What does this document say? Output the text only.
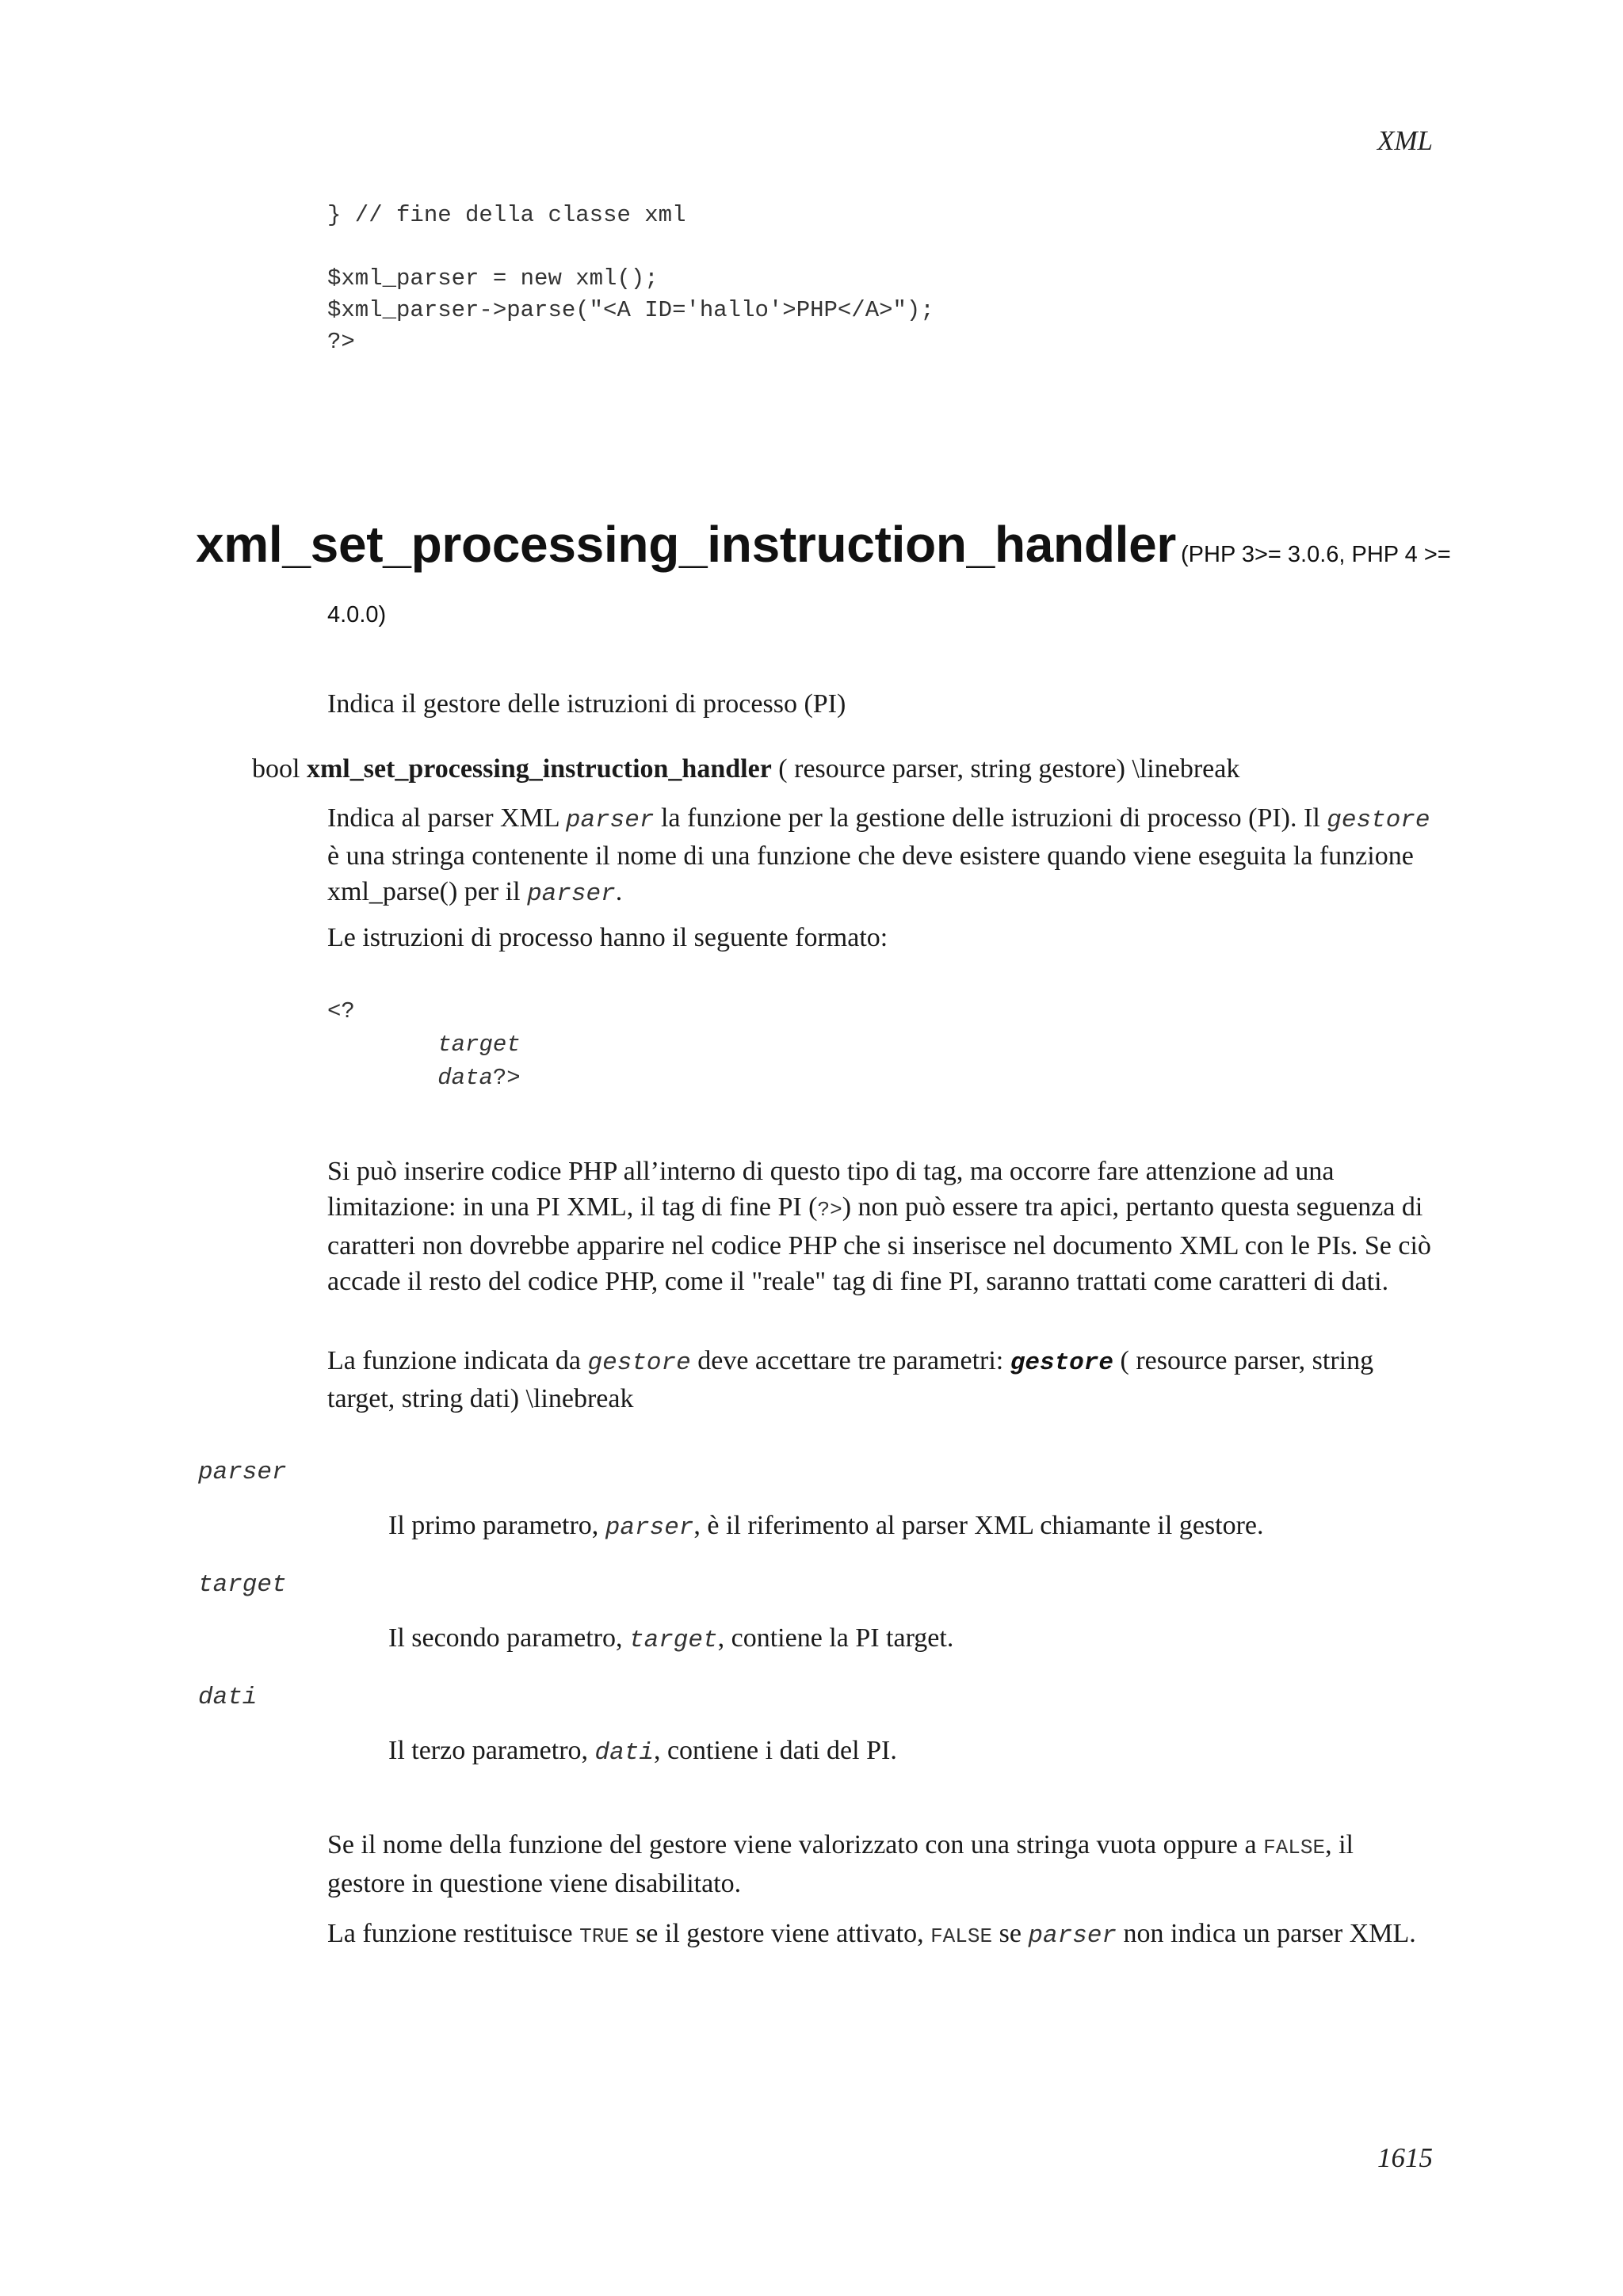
XML
} // fine della classe xml

$xml_parser = new xml();
$xml_parser->parse("<A ID='hallo'>PHP</A>");
?>
xml_set_processing_instruction_handler (PHP 3>= 3.0.6, PHP 4 >=
4.0.0)

Indica il gestore delle istruzioni di processo (PI)

bool xml_set_processing_instruction_handler ( resource parser, string gestore) \linebreak

Indica al parser XML parser la funzione per la gestione delle istruzioni di processo (PI). Il gestore è una stringa contenente il nome di una funzione che deve esistere quando viene eseguita la funzione xml_parse() per il parser.

Le istruzioni di processo hanno il seguente formato:

<?
target
data?>

Si può inserire codice PHP all’interno di questo tipo di tag, ma occorre fare attenzione ad una limitazione: in una PI XML, il tag di fine PI (?>) non può essere tra apici, pertanto questa seguenza di caratteri non dovrebbe apparire nel codice PHP che si inserisce nel documento XML con le PIs. Se ciò accade il resto del codice PHP, come il "reale" tag di fine PI, saranno trattati come caratteri di dati.

La funzione indicata da gestore deve accettare tre parametri: gestore ( resource parser, string target, string dati) \linebreak

parser

Il primo parametro, parser, è il riferimento al parser XML chiamante il gestore.

target

Il secondo parametro, target, contiene la PI target.

dati

Il terzo parametro, dati, contiene i dati del PI.

Se il nome della funzione del gestore viene valorizzato con una stringa vuota oppure a FALSE, il gestore in questione viene disabilitato.

La funzione restituisce TRUE se il gestore viene attivato, FALSE se parser non indica un parser XML.

1615
